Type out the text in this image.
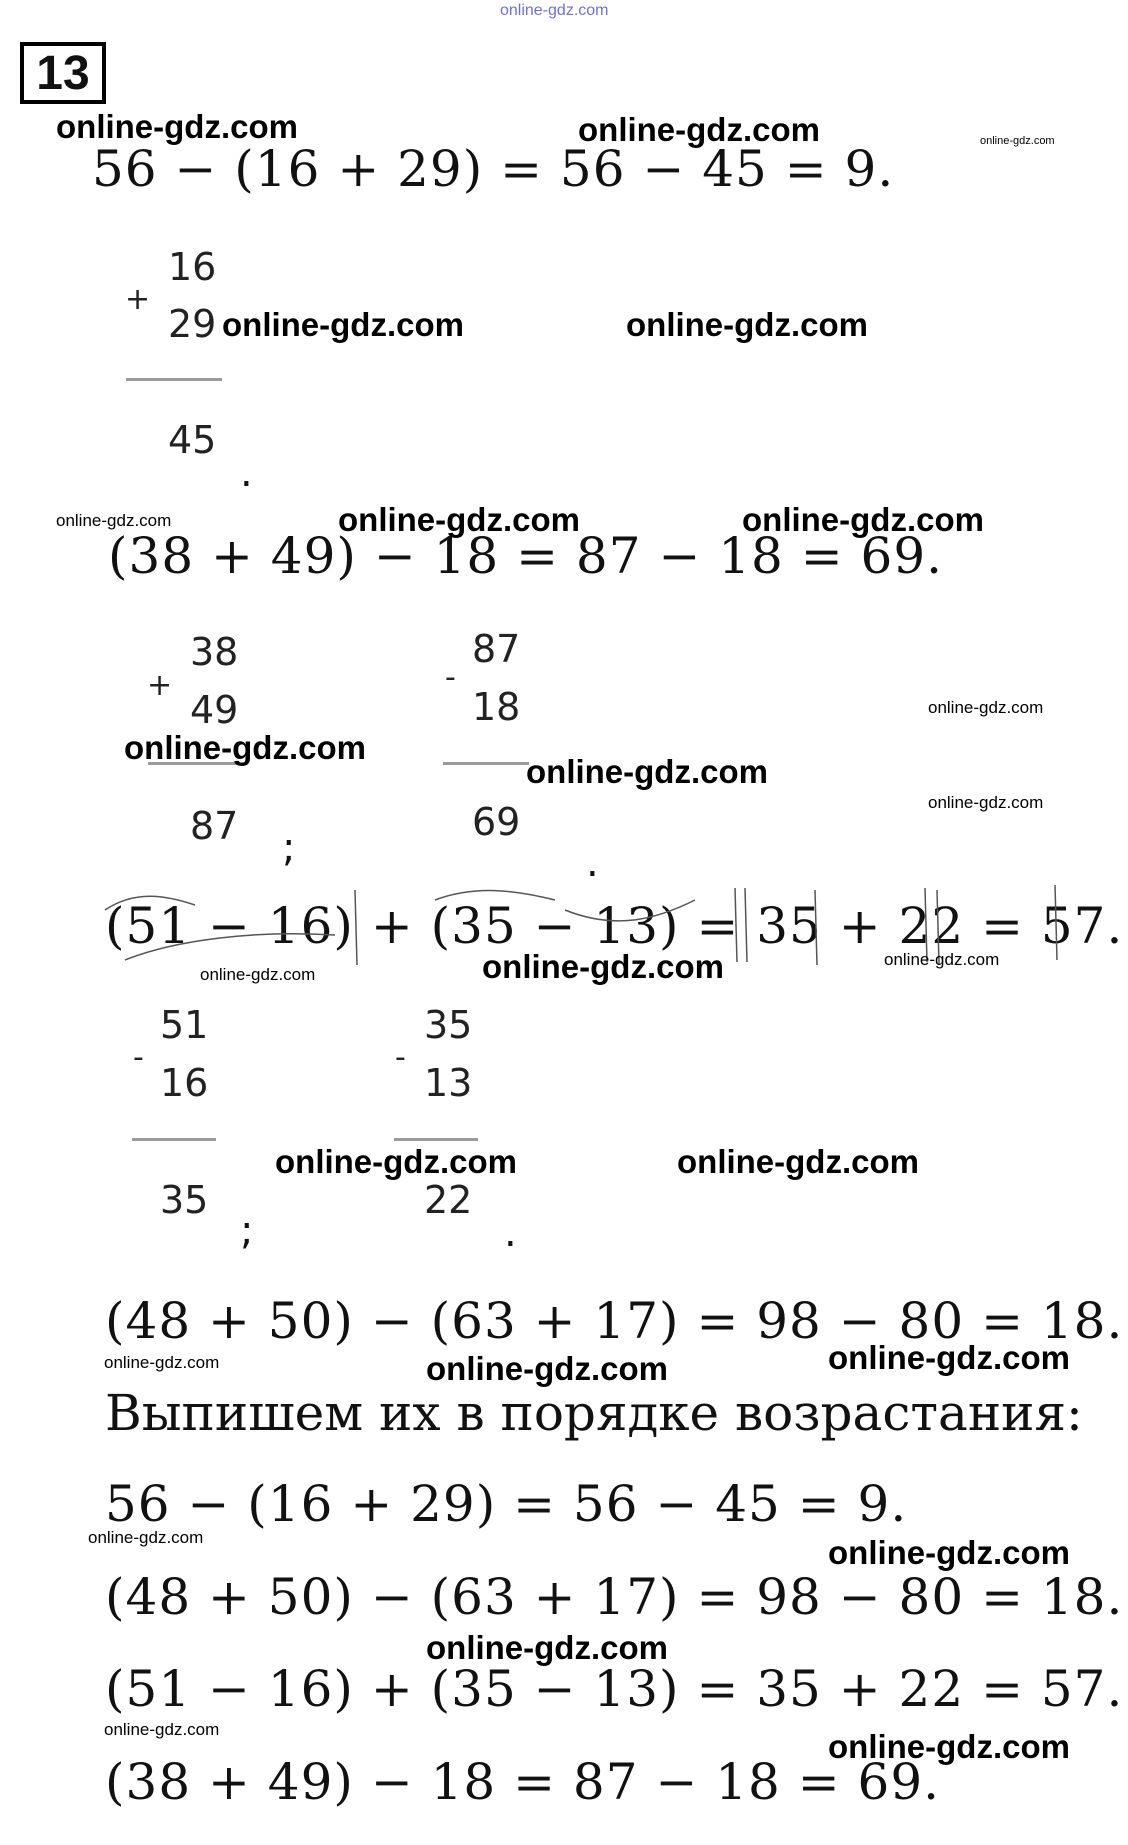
online-gdz.com
13
56 − (16 + 29) = 56 − 45 = 9.
+
16
29
45
.
(38 + 49) − 18 = 87 − 18 = 69.
+
38
49
87 ;
-
87
18
69
.
(51 − 16) + (35 − 13) = 35 + 22 = 57.
-
51
16
35
;
-
35
13
22
.
(48 + 50) − (63 + 17) = 98 − 80 = 18.
Выпишем их в порядке возрастания:
56 − (16 + 29) = 56 − 45 = 9.
(48 + 50) − (63 + 17) = 98 − 80 = 18.
(51 − 16) + (35 − 13) = 35 + 22 = 57.
(38 + 49) − 18 = 87 − 18 = 69.
online-gdz.com	online-gdz.com	online-gdz.com
online-gdz.com	online-gdz.com
online-gdz.com	online-gdz.com	online-gdz.com
online-gdz.com
online-gdz.com
online-gdz.com
online-gdz.com
online-gdz.com	online-gdz.com	online-gdz.com
online-gdz.com	online-gdz.com
online-gdz.com	online-gdz.com	online-gdz.com
online-gdz.com	online-gdz.com
online-gdz.com
online-gdz.com	online-gdz.com
